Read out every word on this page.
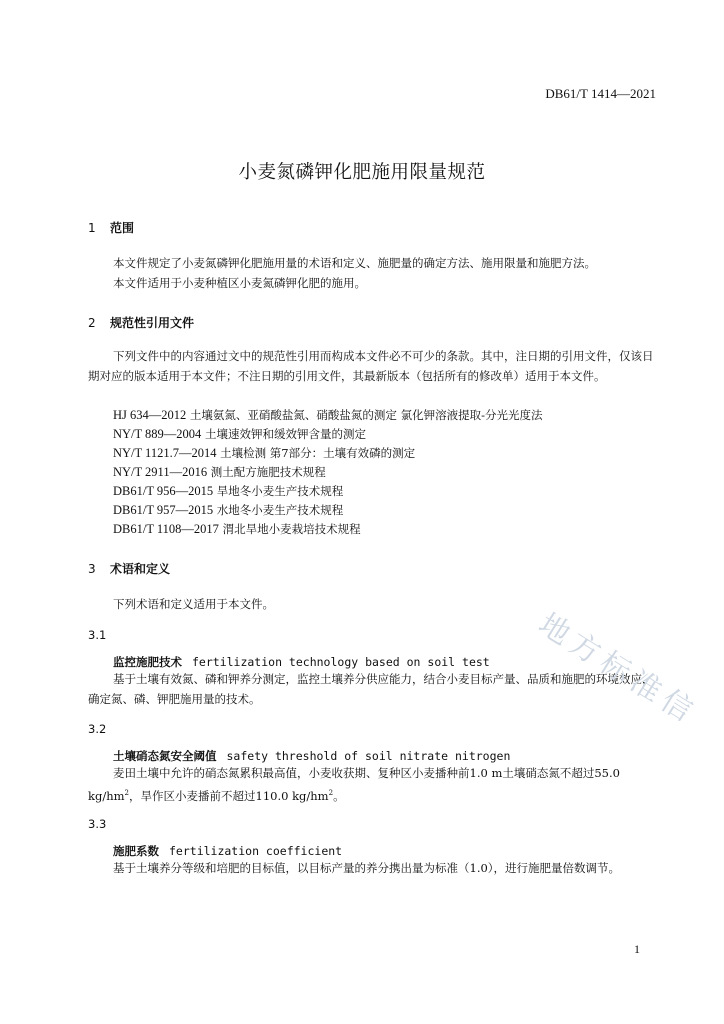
DB61/T 1414—2021
小麦氮磷钾化肥施用限量规范
1 范围
本文件规定了小麦氮磷钾化肥施用量的术语和定义、施肥量的确定方法、施用限量和施肥方法。
本文件适用于小麦种植区小麦氮磷钾化肥的施用。
2 规范性引用文件
下列文件中的内容通过文中的规范性引用而构成本文件必不可少的条款。其中，注日期的引用文件，仅该日期对应的版本适用于本文件；不注日期的引用文件，其最新版本（包括所有的修改单）适用于本文件。
HJ 634—2012 土壤氨氮、亚硝酸盐氮、硝酸盐氮的测定 氯化钾溶液提取-分光光度法
NY/T 889—2004 土壤速效钾和缓效钾含量的测定
NY/T 1121.7—2014 土壤检测 第7部分：土壤有效磷的测定
NY/T 2911—2016 测土配方施肥技术规程
DB61/T 956—2015 旱地冬小麦生产技术规程
DB61/T 957—2015 水地冬小麦生产技术规程
DB61/T 1108—2017 渭北旱地小麦栽培技术规程
3 术语和定义
下列术语和定义适用于本文件。
3.1
监控施肥技术 fertilization technology based on soil test
基于土壤有效氮、磷和钾养分测定，监控土壤养分供应能力，结合小麦目标产量、品质和施肥的环境效应，确定氮、磷、钾肥施用量的技术。
3.2
土壤硝态氮安全阈值 safety threshold of soil nitrate nitrogen
麦田土壤中允许的硝态氮累积最高值，小麦收获期、复种区小麦播种前1.0 m土壤硝态氮不超过55.0 $kg/hm^2$，旱作区小麦播前不超过110.0 $kg/hm^2$。
3.3
施肥系数 fertilization coefficient
基于土壤养分等级和培肥的目标值，以目标产量的养分携出量为标准（1.0），进行施肥量倍数调节。
地方标准信
1
